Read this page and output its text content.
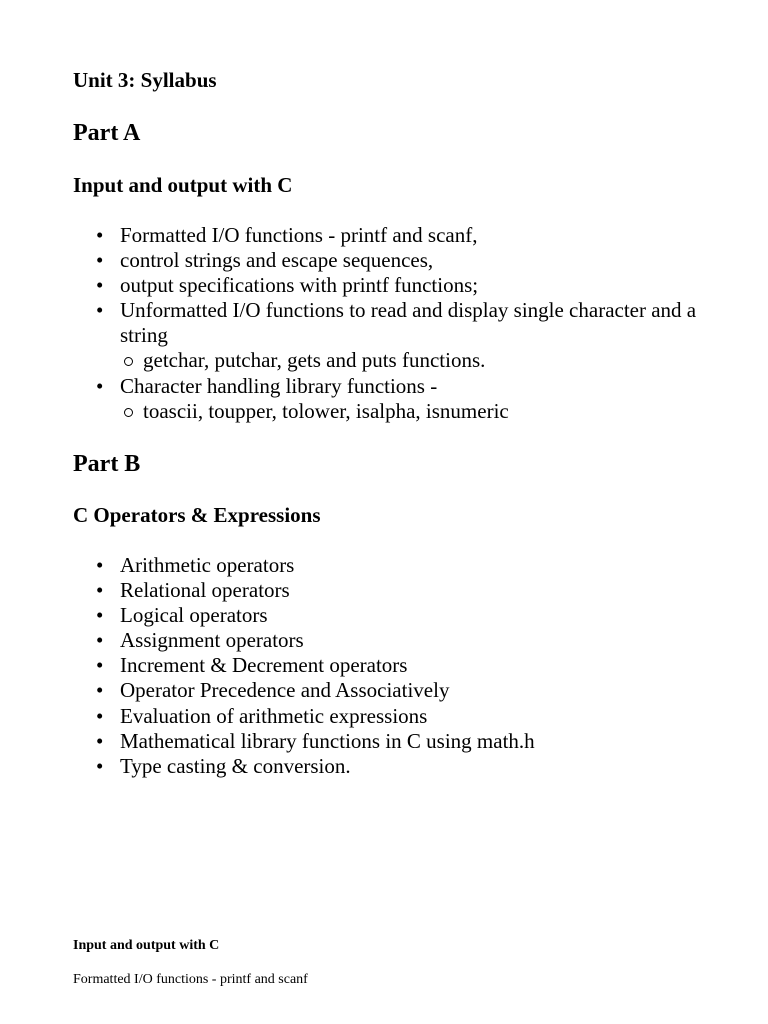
Unit 3: Syllabus
Part A
Input and output with C
• Formatted I/O functions - printf and scanf,
• control strings and escape sequences,
• output specifications with printf functions;
• Unformatted I/O functions to read and display single character and a string
getchar, putchar, gets and puts functions.
• Character handling library functions -
toascii, toupper, tolower, isalpha, isnumeric
Part B
C Operators & Expressions
• Arithmetic operators
• Relational operators
• Logical operators
• Assignment operators
• Increment & Decrement operators
• Operator Precedence and Associatively
• Evaluation of arithmetic expressions
• Mathematical library functions in C using math.h
• Type casting & conversion.
Input and output with C
Formatted I/O functions - printf and scanf
